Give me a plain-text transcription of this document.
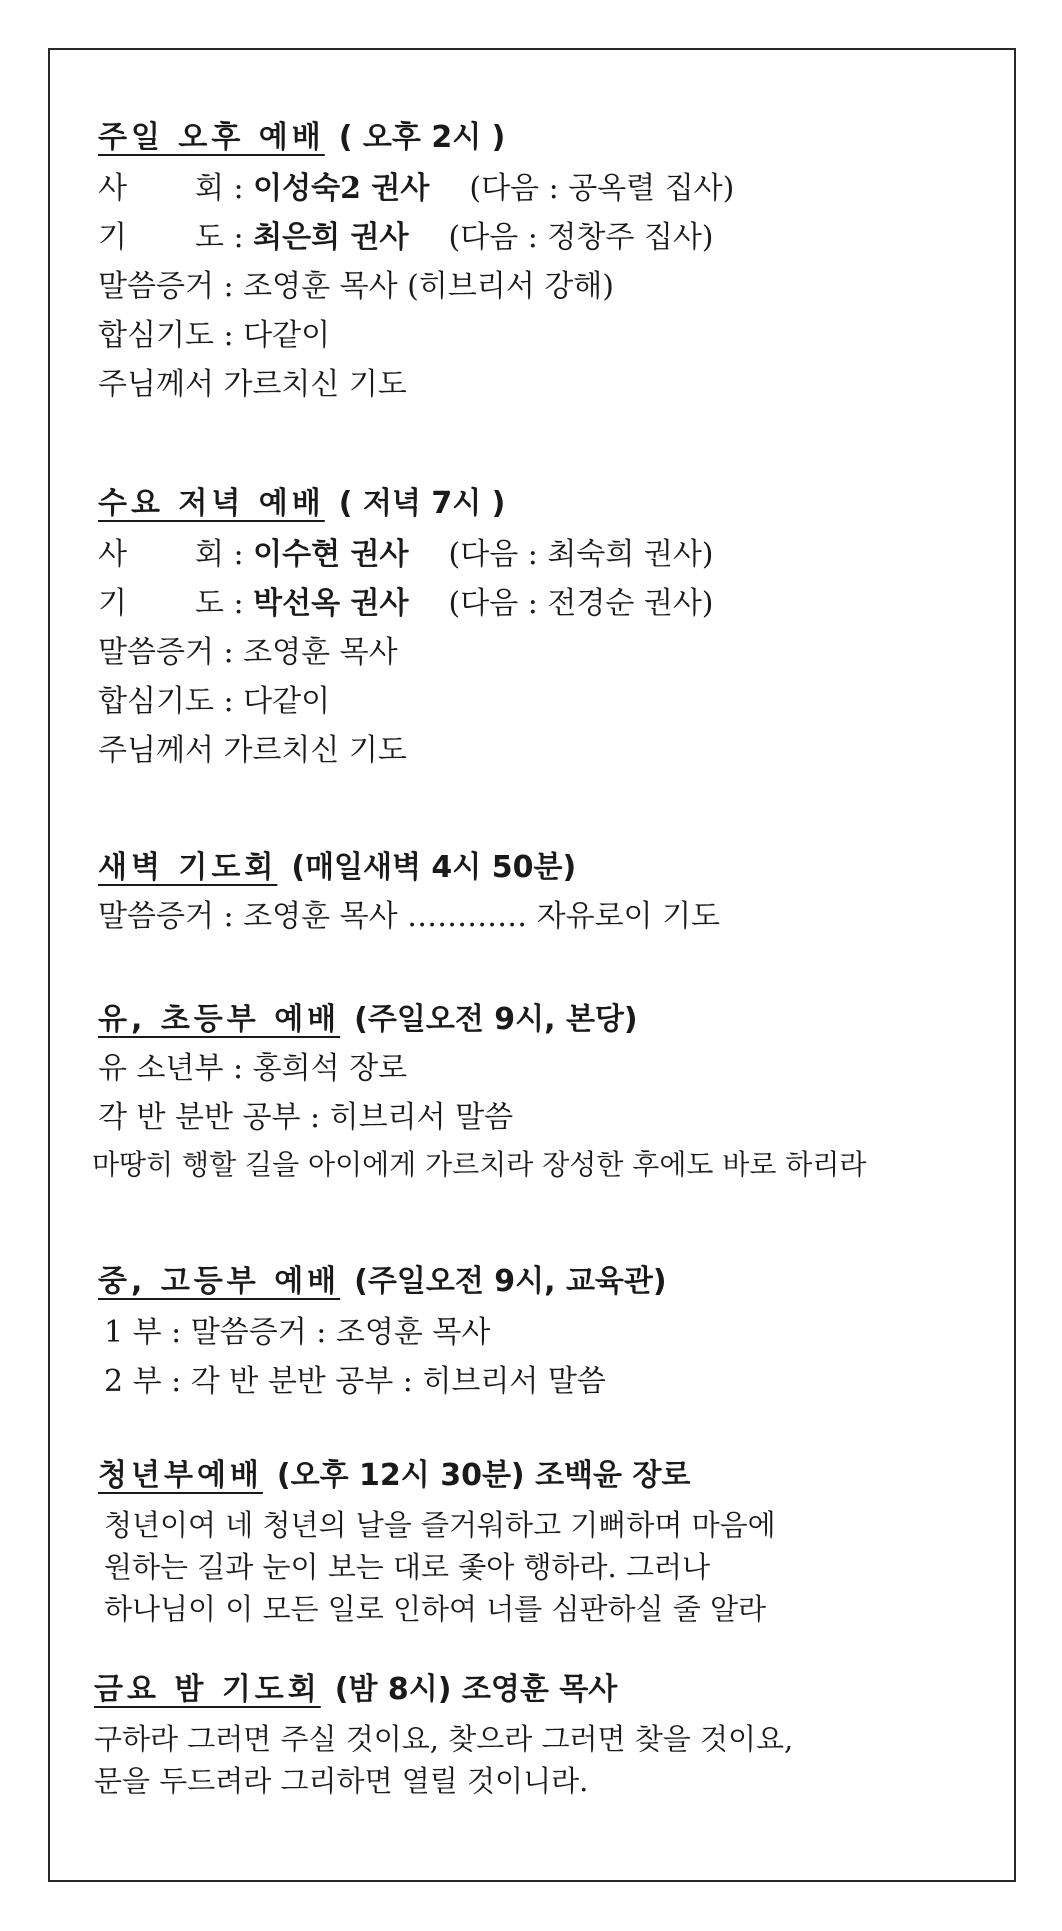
주일 오후 예배 ( 오후 2시 )
사 회 : 이성숙2 권사 (다음 : 공옥렬 집사)
기 도 : 최은희 권사 (다음 : 정창주 집사)
말씀증거 : 조영훈 목사 (히브리서 강해)
합심기도 : 다같이
주님께서 가르치신 기도
수요 저녁 예배 ( 저녁 7시 )
사 회 : 이수현 권사 (다음 : 최숙희 권사)
기 도 : 박선옥 권사 (다음 : 전경순 권사)
말씀증거 : 조영훈 목사
합심기도 : 다같이
주님께서 가르치신 기도
새벽 기도회 (매일새벽 4시 50분)
말씀증거 : 조영훈 목사 ………… 자유로이 기도
유, 초등부 예배 (주일오전 9시, 본당)
유 소년부 : 홍희석 장로
각 반 분반 공부 : 히브리서 말씀
마땅히 행할 길을 아이에게 가르치라 장성한 후에도 바로 하리라
중, 고등부 예배 (주일오전 9시, 교육관)
1 부 : 말씀증거 : 조영훈 목사
2 부 : 각 반 분반 공부 : 히브리서 말씀
청년부예배 (오후 12시 30분) 조백윤 장로
청년이여 네 청년의 날을 즐거워하고 기뻐하며 마음에
원하는 길과 눈이 보는 대로 좇아 행하라. 그러나
하나님이 이 모든 일로 인하여 너를 심판하실 줄 알라
금요 밤 기도회 (밤 8시) 조영훈 목사
구하라 그러면 주실 것이요, 찾으라 그러면 찾을 것이요,
문을 두드려라 그리하면 열릴 것이니라.
